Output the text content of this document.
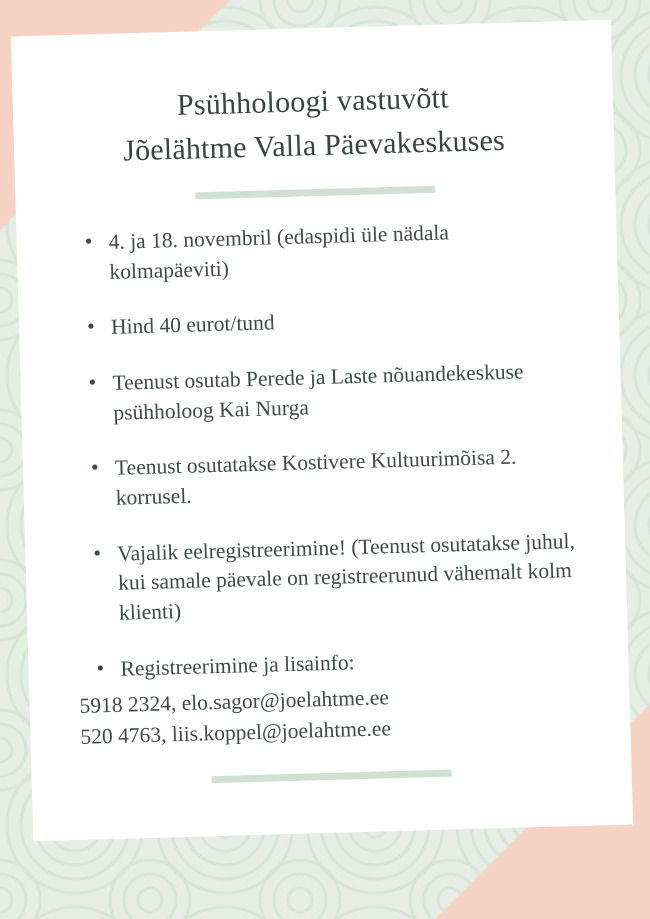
Psühholoogi vastuvõtt
Jõelähtme Valla Päevakeskuses
• 4. ja 18. novembril (edaspidi üle nädala kolmapäeviti)
• Hind 40 eurot/tund
• Teenust osutab Perede ja Laste nõuandekeskuse psühholoog Kai Nurga
• Teenust osutatakse Kostivere Kultuurimõisa 2. korrusel.
• Vajalik eelregistreerimine! (Teenust osutatakse juhul, kui samale päevale on registreerunud vähemalt kolm klienti)
• Registreerimine ja lisainfo:
5918 2324, elo.sagor@joelahtme.ee
520 4763, liis.koppel@joelahtme.ee
